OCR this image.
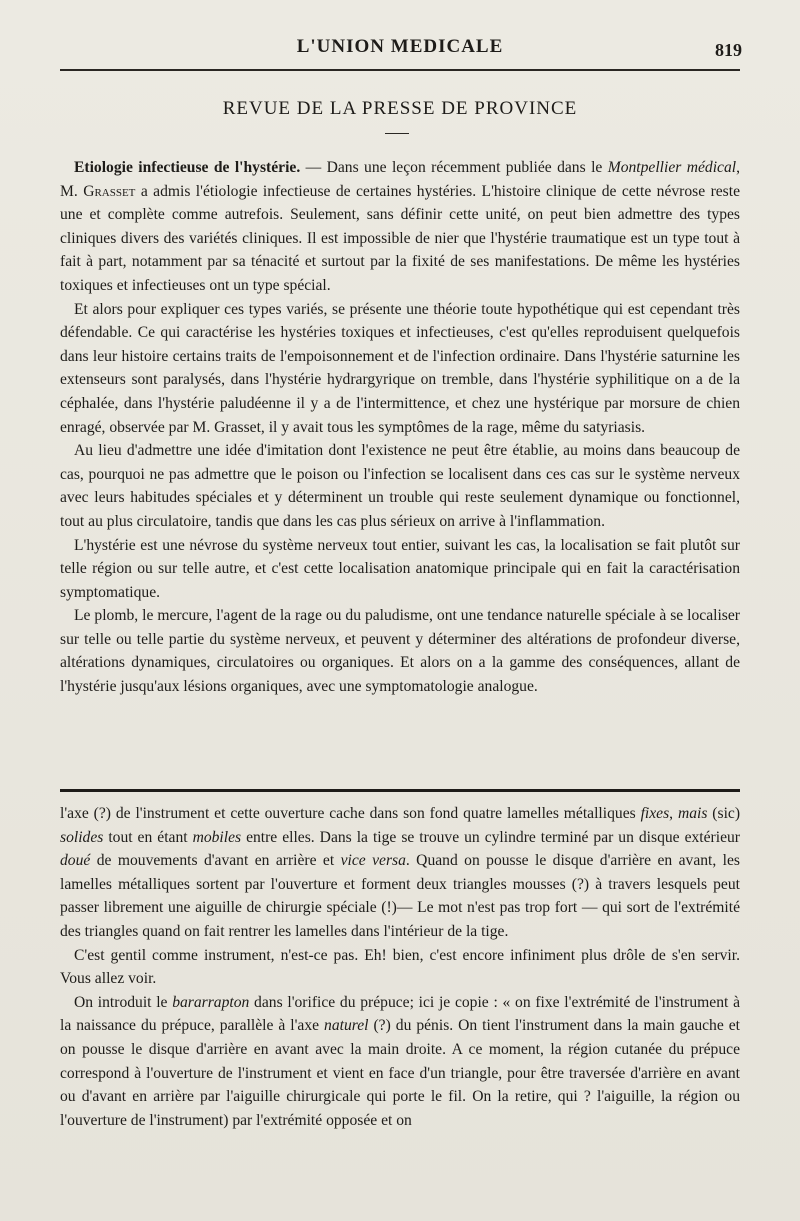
L'UNION MEDICALE	819
REVUE DE LA PRESSE DE PROVINCE

Etiologie infectieuse de l'hystérie. — Dans une leçon récemment publiée dans le Montpellier médical, M. Grasset a admis l'étiologie infectieuse de certaines hystéries. L'histoire clinique de cette névrose reste une et complète comme autrefois. Seulement, sans définir cette unité, on peut bien admettre des types cliniques divers des variétés cliniques. Il est impossible de nier que l'hystérie traumatique est un type tout à fait à part, notamment par sa ténacité et surtout par la fixité de ses manifestations. De même les hystéries toxiques et infectieuses ont un type spécial.

Et alors pour expliquer ces types variés, se présente une théorie toute hypothétique qui est cependant très défendable. Ce qui caractérise les hystéries toxiques et infectieuses, c'est qu'elles reproduisent quelquefois dans leur histoire certains traits de l'empoisonnement et de l'infection ordinaire. Dans l'hystérie saturnine les extenseurs sont paralysés, dans l'hystérie hydrargyrique on tremble, dans l'hystérie syphilitique on a de la céphalée, dans l'hystérie paludéenne il y a de l'intermittence, et chez une hystérique par morsure de chien enragé, observée par M. Grasset, il y avait tous les symptômes de la rage, même du satyriasis.

Au lieu d'admettre une idée d'imitation dont l'existence ne peut être établie, au moins dans beaucoup de cas, pourquoi ne pas admettre que le poison ou l'infection se localisent dans ces cas sur le système nerveux avec leurs habitudes spéciales et y déterminent un trouble qui reste seulement dynamique ou fonctionnel, tout au plus circulatoire, tandis que dans les cas plus sérieux on arrive à l'inflammation.

L'hystérie est une névrose du système nerveux tout entier, suivant les cas, la localisation se fait plutôt sur telle région ou sur telle autre, et c'est cette localisation anatomique principale qui en fait la caractérisation symptomatique.

Le plomb, le mercure, l'agent de la rage ou du paludisme, ont une tendance naturelle spéciale à se localiser sur telle ou telle partie du système nerveux, et peuvent y déterminer des altérations de profondeur diverse, altérations dynamiques, circulatoires ou organiques. Et alors on a la gamme des conséquences, allant de l'hystérie jusqu'aux lésions organiques, avec une symptomatologie analogue.

l'axe (?) de l'instrument et cette ouverture cache dans son fond quatre lamelles métalliques fixes, mais (sic) solides tout en étant mobiles entre elles. Dans la tige se trouve un cylindre terminé par un disque extérieur doué de mouvements d'avant en arrière et vice versa. Quand on pousse le disque d'arrière en avant, les lamelles métalliques sortent par l'ouverture et forment deux triangles mousses (?) à travers lesquels peut passer librement une aiguille de chirurgie spéciale (!)— Le mot n'est pas trop fort — qui sort de l'extrémité des triangles quand on fait rentrer les lamelles dans l'intérieur de la tige.

C'est gentil comme instrument, n'est-ce pas. Eh! bien, c'est encore infiniment plus drôle de s'en servir. Vous allez voir.

On introduit le bararrapton dans l'orifice du prépuce; ici je copie : « on fixe l'extrémité de l'instrument à la naissance du prépuce, parallèle à l'axe naturel (?) du pénis. On tient l'instrument dans la main gauche et on pousse le disque d'arrière en avant avec la main droite. A ce moment, la région cutanée du prépuce correspond à l'ouverture de l'instrument et vient en face d'un triangle, pour être traversée d'arrière en avant ou d'avant en arrière par l'aiguille chirurgicale qui porte le fil. On la retire, qui ? l'aiguille, la région ou l'ouverture de l'instrument) par l'extrémité opposée et on
